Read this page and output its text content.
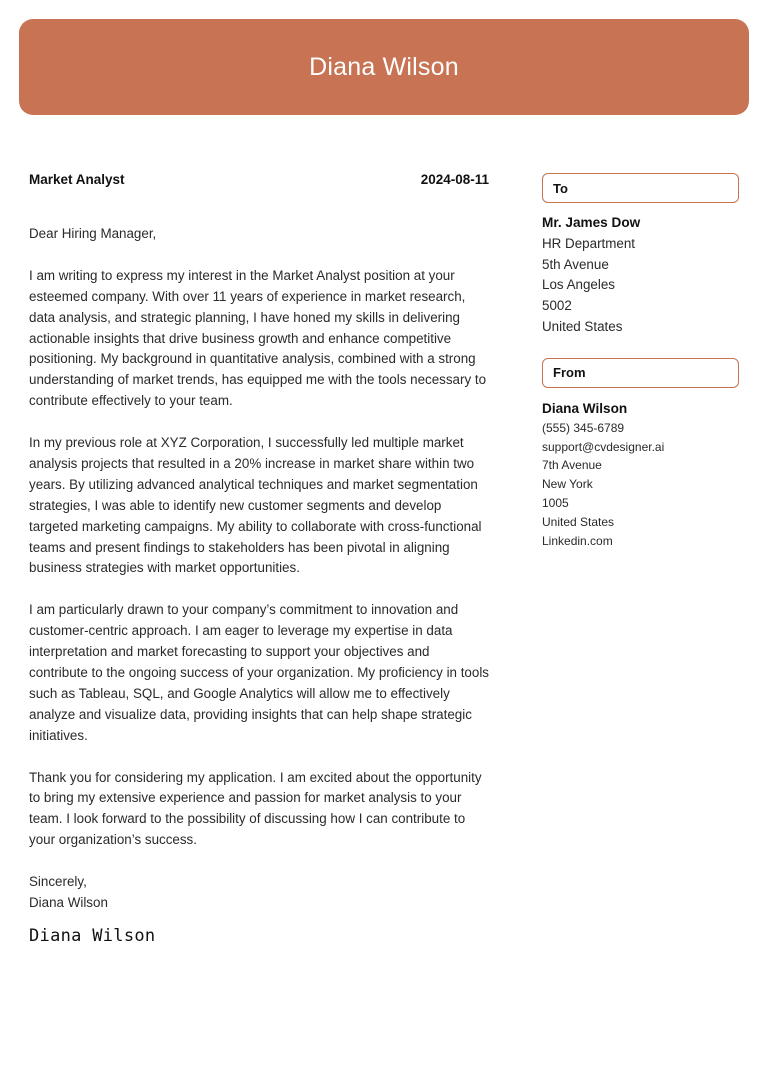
Diana Wilson
Market Analyst	2024-08-11

Dear Hiring Manager,

I am writing to express my interest in the Market Analyst position at your esteemed company. With over 11 years of experience in market research, data analysis, and strategic planning, I have honed my skills in delivering actionable insights that drive business growth and enhance competitive positioning. My background in quantitative analysis, combined with a strong understanding of market trends, has equipped me with the tools necessary to contribute effectively to your team.

In my previous role at XYZ Corporation, I successfully led multiple market analysis projects that resulted in a 20% increase in market share within two years. By utilizing advanced analytical techniques and market segmentation strategies, I was able to identify new customer segments and develop targeted marketing campaigns. My ability to collaborate with cross-functional teams and present findings to stakeholders has been pivotal in aligning business strategies with market opportunities.

I am particularly drawn to your company’s commitment to innovation and customer-centric approach. I am eager to leverage my expertise in data interpretation and market forecasting to support your objectives and contribute to the ongoing success of your organization. My proficiency in tools such as Tableau, SQL, and Google Analytics will allow me to effectively analyze and visualize data, providing insights that can help shape strategic initiatives.

Thank you for considering my application. I am excited about the opportunity to bring my extensive experience and passion for market analysis to your team. I look forward to the possibility of discussing how I can contribute to your organization’s success.

Sincerely,
Diana Wilson
Diana Wilson
To
Mr. James Dow
HR Department
5th Avenue
Los Angeles
5002
United States
From
Diana Wilson
(555) 345-6789
support@cvdesigner.ai
7th Avenue
New York
1005
United States
Linkedin.com
